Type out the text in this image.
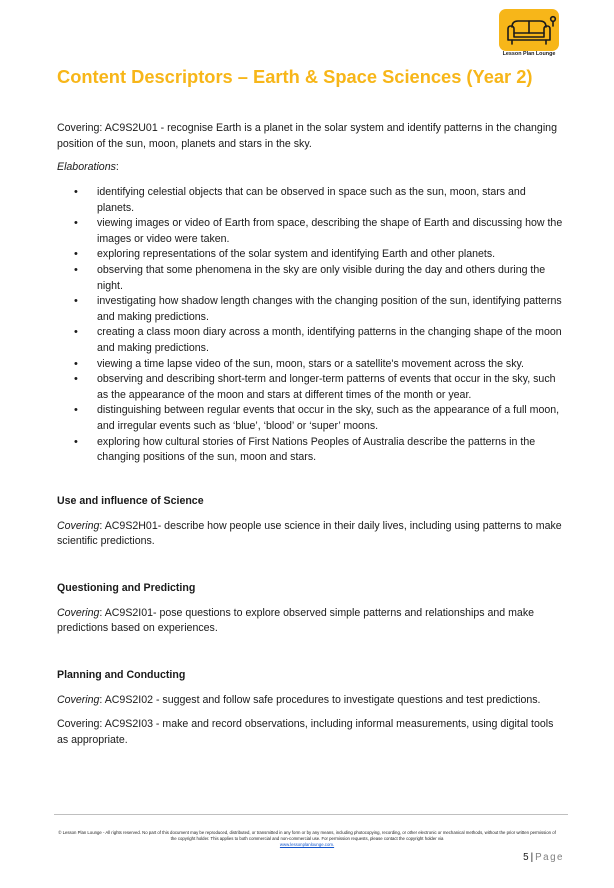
Lesson Plan Lounge
Content Descriptors – Earth & Space Sciences (Year 2)
Covering: AC9S2U01 - recognise Earth is a planet in the solar system and identify patterns in the changing position of the sun, moon, planets and stars in the sky.
Elaborations:
• identifying celestial objects that can be observed in space such as the sun, moon, stars and planets.
• viewing images or video of Earth from space, describing the shape of Earth and discussing how the images or video were taken.
• exploring representations of the solar system and identifying Earth and other planets.
• observing that some phenomena in the sky are only visible during the day and others during the night.
• investigating how shadow length changes with the changing position of the sun, identifying patterns and making predictions.
• creating a class moon diary across a month, identifying patterns in the changing shape of the moon and making predictions.
• viewing a time lapse video of the sun, moon, stars or a satellite's movement across the sky.
• observing and describing short-term and longer-term patterns of events that occur in the sky, such as the appearance of the moon and stars at different times of the month or year.
• distinguishing between regular events that occur in the sky, such as the appearance of a full moon, and irregular events such as ‘blue’, ‘blood’ or ‘super’ moons.
• exploring how cultural stories of First Nations Peoples of Australia describe the patterns in the changing positions of the sun, moon and stars.
Use and influence of Science

Covering: AC9S2H01- describe how people use science in their daily lives, including using patterns to make scientific predictions.

Questioning and Predicting

Covering: AC9S2I01- pose questions to explore observed simple patterns and relationships and make predictions based on experiences.

Planning and Conducting

Covering: AC9S2I02 - suggest and follow safe procedures to investigate questions and test predictions.

Covering: AC9S2I03 - make and record observations, including informal measurements, using digital tools as appropriate.

© Lesson Plan Lounge - All rights reserved. No part of this document may be reproduced, distributed, or transmitted in any form or by any means, including photocopying, recording, or other electronic or mechanical methods, without the prior written permission of the copyright holder. This applies to both commercial and non-commercial use. For permission requests, please contact the copyright holder via
www.lessonplanlounge.com.
5 | Page
